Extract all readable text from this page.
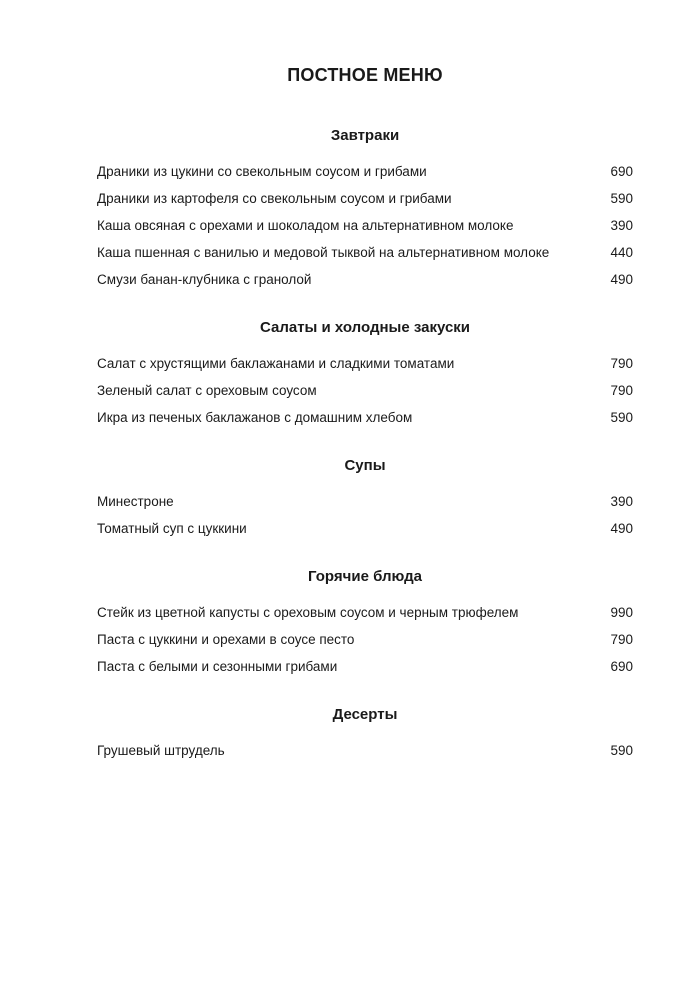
ПОСТНОЕ МЕНЮ
Завтраки
Драники из цукини со свекольным соусом и грибами	690
Драники из картофеля со свекольным соусом и грибами	590
Каша овсяная с орехами и шоколадом на альтернативном молоке	390
Каша пшенная с ванилью и медовой тыквой на альтернативном молоке	440
Смузи банан-клубника с гранолой	490
Салаты и холодные закуски
Салат с хрустящими баклажанами и сладкими томатами	790
Зеленый салат с ореховым соусом	790
Икра из печеных баклажанов с домашним хлебом	590
Супы
Минестроне	390
Томатный суп с цуккини	490
Горячие блюда
Стейк из цветной капусты с ореховым соусом и черным трюфелем	990
Паста с цуккини и орехами в соусе песто	790
Паста с белыми и сезонными грибами	690
Десерты
Грушевый штрудель	590
